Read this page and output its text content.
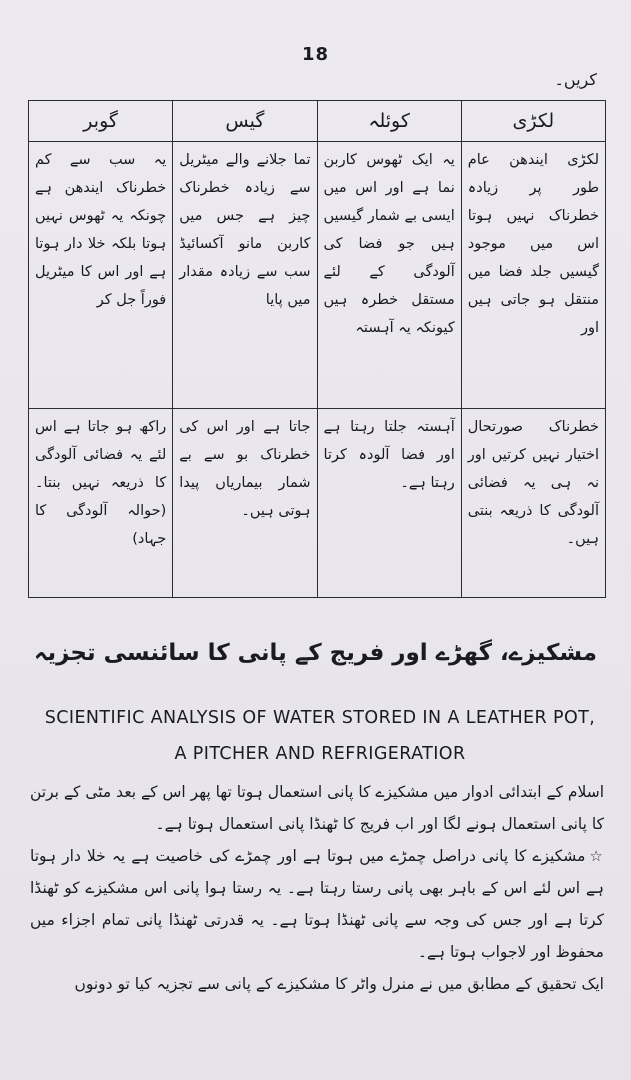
18
کریں۔
لکڑی	کوئلہ	گیس	گوبر
لکڑی ایندھن عام طور پر زیادہ خطرناک نہیں ہوتا اس میں موجود گیسیں جلد فضا میں منتقل ہو جاتی ہیں اور	یہ ایک ٹھوس کاربن نما ہے اور اس میں ایسی بے شمار گیسیں ہیں جو فضا کی آلودگی کے لئے مستقل خطرہ ہیں کیونکہ یہ آہستہ	تما جلانے والے میٹریل سے زیادہ خطرناک چیز ہے جس میں کاربن مانو آکسائیڈ سب سے زیادہ مقدار میں پایا	یہ سب سے کم خطرناک ایندھن ہے چونکہ یہ ٹھوس نہیں ہوتا بلکہ خلا دار ہوتا ہے اور اس کا میٹریل فوراً جل کر
خطرناک صورتحال اختیار نہیں کرتیں اور نہ ہی یہ فضائی آلودگی کا ذریعہ بنتی ہیں۔	آہستہ جلتا رہتا ہے اور فضا آلودہ کرتا رہتا ہے۔	جاتا ہے اور اس کی خطرناک بو سے بے شمار بیماریاں پیدا ہوتی ہیں۔	راکھ ہو جاتا ہے اس لئے یہ فضائی آلودگی کا ذریعہ نہیں بنتا۔ (حوالہ آلودگی کا جہاد)
مشکیزے، گھڑے اور فریج کے پانی کا سائنسی تجزیہ
SCIENTIFIC ANALYSIS OF WATER STORED IN A LEATHER POT, A PITCHER AND REFRIGERATIOR

اسلام کے ابتدائی ادوار میں مشکیزے کا پانی استعمال ہوتا تھا پھر اس کے بعد مٹی کے برتن کا پانی استعمال ہونے لگا اور اب فریج کا ٹھنڈا پانی استعمال ہوتا ہے۔

☆مشکیزے کا پانی دراصل چمڑے میں ہوتا ہے اور چمڑے کی خاصیت ہے یہ خلا دار ہوتا ہے اس لئے اس کے باہر بھی پانی رستا رہتا ہے۔ یہ رستا ہوا پانی اس مشکیزے کو ٹھنڈا کرتا ہے اور جس کی وجہ سے پانی ٹھنڈا ہوتا ہے۔ یہ قدرتی ٹھنڈا پانی تمام اجزاء میں محفوظ اور لاجواب ہوتا ہے۔

ایک تحقیق کے مطابق میں نے منرل واٹر کا مشکیزے کے پانی سے تجزیہ کیا تو دونوں
